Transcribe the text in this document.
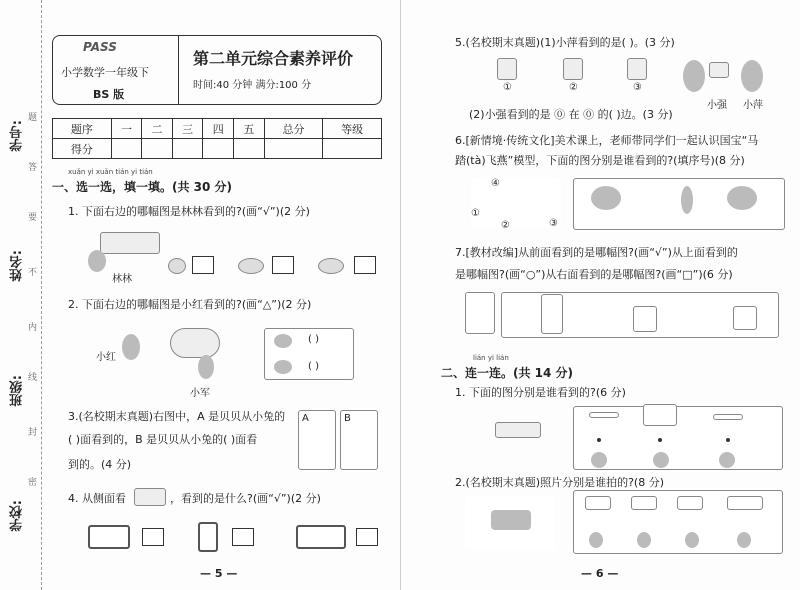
学校:
班级:
姓名:
学号:
题
答
要
不
内
线
封
密
PASS
小学数学一年级下
BS 版
第二单元综合素养评价
时间:40 分钟 满分:100 分
题序	一	二	三	四	五	总分	等级
得分							
xuǎn yi xuǎn tián yi tián
一、选一选，填一填。(共 30 分)
1. 下面右边的哪幅图是林林看到的?(画“√”)(2 分)
林林
2. 下面右边的哪幅图是小红看到的?(画“△”)(2 分)
小红
小军
( )
( )
3.(名校期末真题)右图中，A 是贝贝从小兔的
( )面看到的，B 是贝贝从小兔的( )面看
到的。(4 分)
A	B
4. 从侧面看	，看到的是什么?(画“√”)(2 分)
— 5 —
5.(名校期末真题)(1)小萍看到的是( )。(3 分)
①	②	③
小强 小萍
(2)小强看到的是 ⓪ 在 ⓪ 的( )边。(3 分)
6.[新情境·传统文化]美术课上，老师带同学们一起认识国宝“马
踏(tà)飞燕”模型，下面的图分别是谁看到的?(填序号)(8 分)
④
①
③
②
7.[教材改编]从前面看到的是哪幅图?(画“√”)从上面看到的
是哪幅图?(画“○”)从右面看到的是哪幅图?(画“□”)(6 分)
lián yi lián
二、连一连。(共 14 分)
1. 下面的图分别是谁看到的?(6 分)
2.(名校期末真题)照片分别是谁拍的?(8 分)
— 6 —
